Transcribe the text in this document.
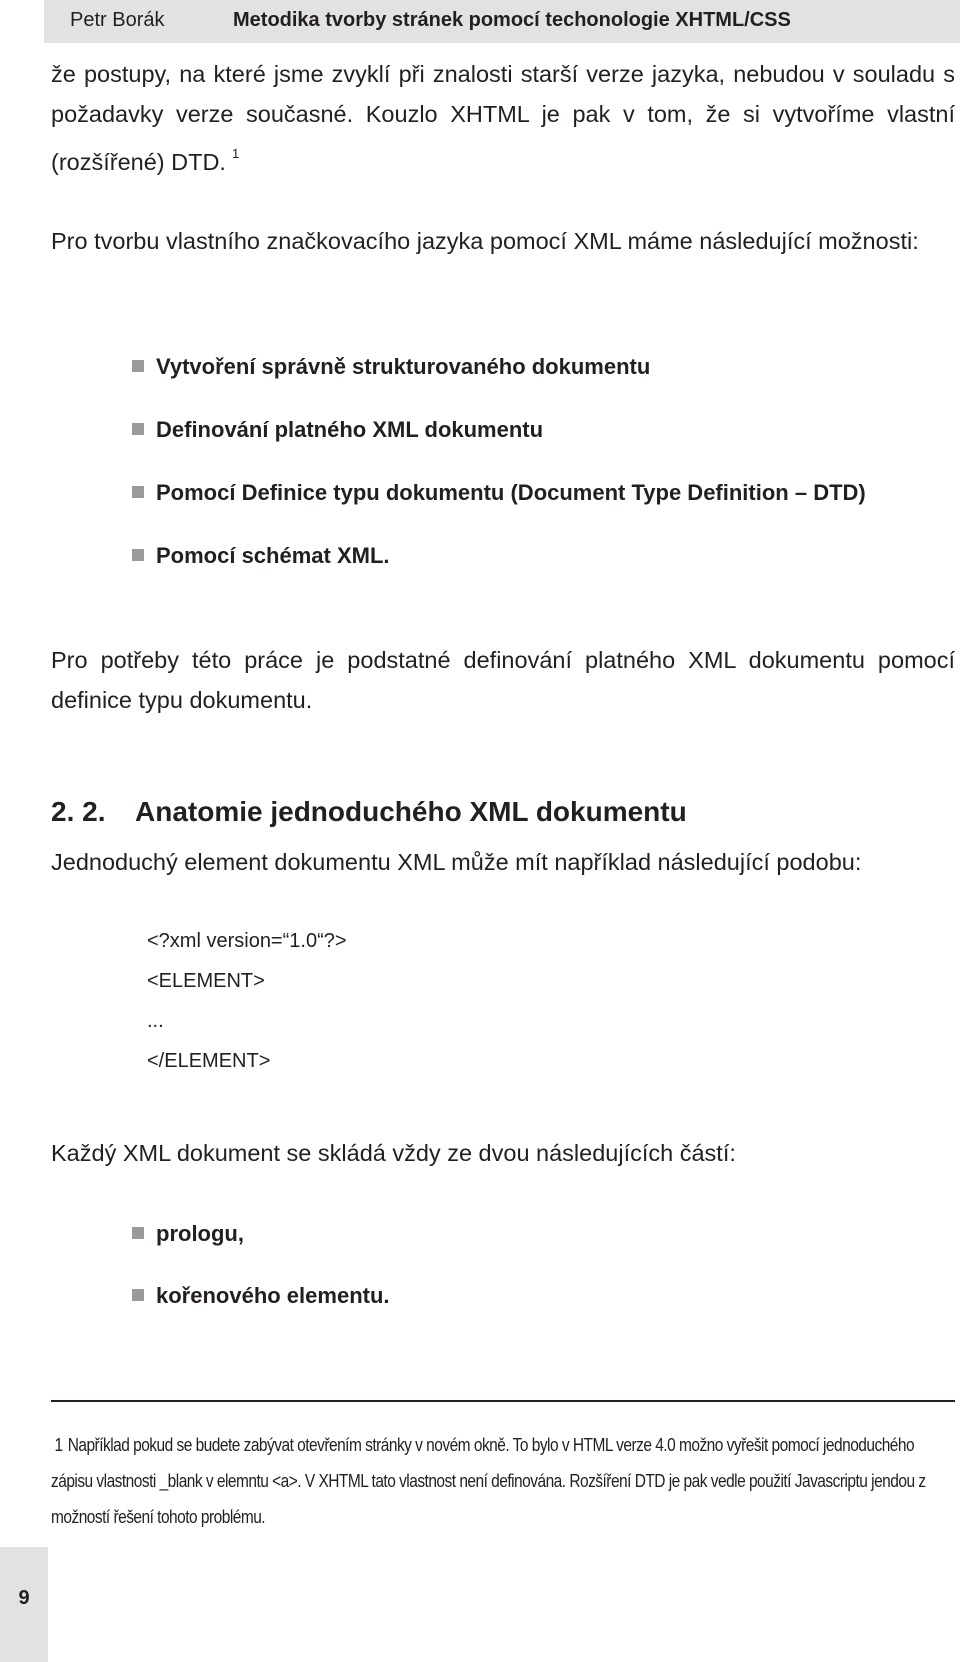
Petr Borák	Metodika tvorby stránek pomocí techonologie XHTML/CSS

že postupy, na které jsme zvyklí při znalosti starší verze jazyka, nebudou v souladu s požadavky verze současné. Kouzlo XHTML je pak v tom, že si vytvoříme vlastní (rozšířené) DTD. $^1$

Pro tvorbu vlastního značkovacího jazyka pomocí XML máme následující možnosti:

Vytvoření správně strukturovaného dokumentu
Definování platného XML dokumentu
Pomocí Definice typu dokumentu (Document Type Definition – DTD)
Pomocí schémat XML.

Pro potřeby této práce je podstatné definování platného XML dokumentu pomocí definice typu dokumentu.

2. 2. Anatomie jednoduchého XML dokumentu

Jednoduchý element dokumentu XML může mít například následující podobu:

<?xml version=“1.0“?>
<ELEMENT>
...
</ELEMENT>

Každý XML dokument se skládá vždy ze dvou následujících částí:

prologu,
kořenového elementu.
1 Například pokud se budete zabývat otevřením stránky v novém okně. To bylo v HTML verze 4.0 možno vyřešit pomocí jednoduchého zápisu vlastnosti _blank v elemntu <a>. V XHTML tato vlastnost není definována. Rozšíření DTD je pak vedle použití Javascriptu jendou z možností řešení tohoto problému.
9
